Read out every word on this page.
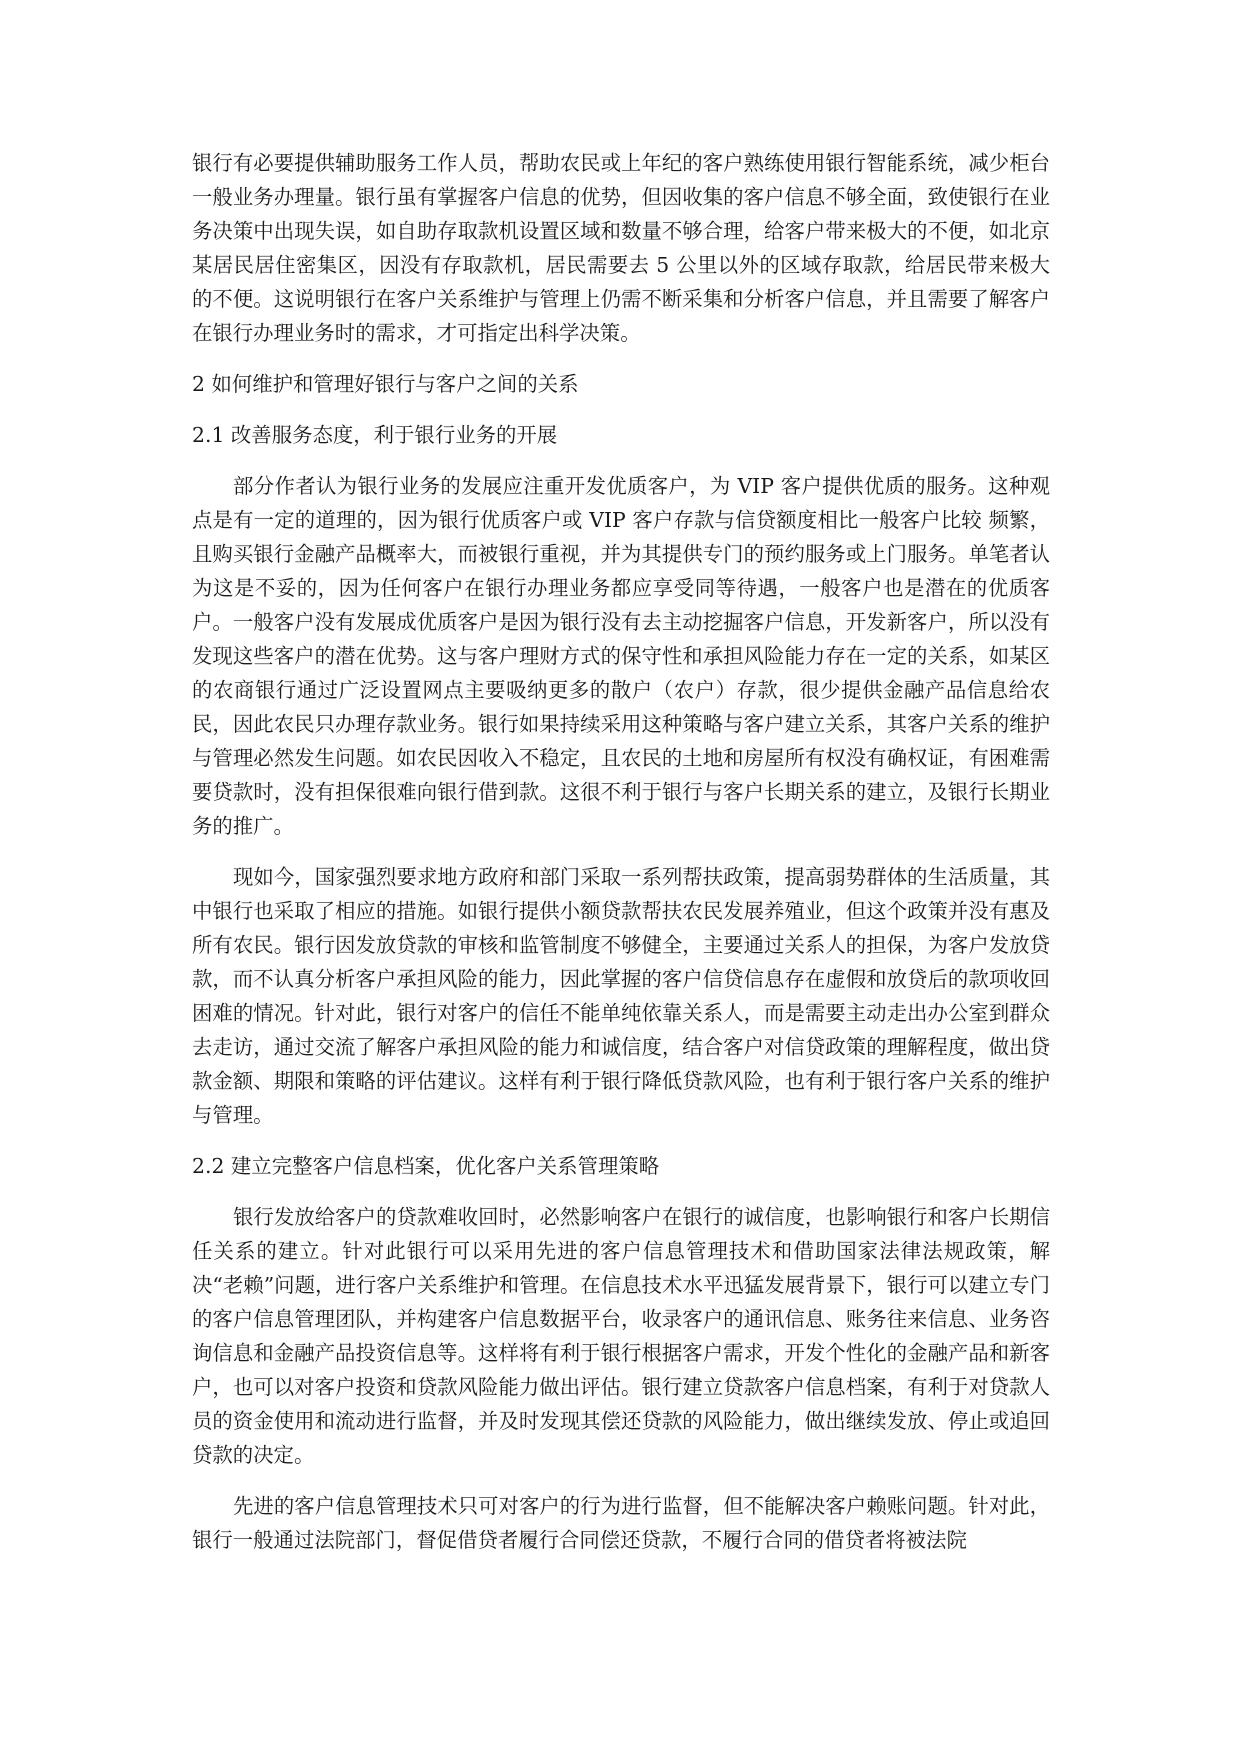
银行有必要提供辅助服务工作人员，帮助农民或上年纪的客户熟练使用银行智能系统，减少柜台一般业务办理量。银行虽有掌握客户信息的优势，但因收集的客户信息不够全面，致使银行在业务决策中出现失误，如自助存取款机设置区域和数量不够合理，给客户带来极大的不便，如北京某居民居住密集区，因没有存取款机，居民需要去 5 公里以外的区域存取款，给居民带来极大的不便。这说明银行在客户关系维护与管理上仍需不断采集和分析客户信息，并且需要了解客户在银行办理业务时的需求，才可指定出科学决策。

2 如何维护和管理好银行与客户之间的关系

2.1 改善服务态度，利于银行业务的开展

部分作者认为银行业务的发展应注重开发优质客户，为 VIP 客户提供优质的服务。这种观点是有一定的道理的，因为银行优质客户或 VIP 客户存款与信贷额度相比一般客户比较 频繁，且购买银行金融产品概率大，而被银行重视，并为其提供专门的预约服务或上门服务。单笔者认为这是不妥的，因为任何客户在银行办理业务都应享受同等待遇，一般客户也是潜在的优质客户。一般客户没有发展成优质客户是因为银行没有去主动挖掘客户信息，开发新客户，所以没有发现这些客户的潜在优势。这与客户理财方式的保守性和承担风险能力存在一定的关系，如某区的农商银行通过广泛设置网点主要吸纳更多的散户（农户）存款，很少提供金融产品信息给农民，因此农民只办理存款业务。银行如果持续采用这种策略与客户建立关系，其客户关系的维护与管理必然发生问题。如农民因收入不稳定，且农民的土地和房屋所有权没有确权证，有困难需要贷款时，没有担保很难向银行借到款。这很不利于银行与客户长期关系的建立，及银行长期业务的推广。

现如今，国家强烈要求地方政府和部门采取一系列帮扶政策，提高弱势群体的生活质量，其中银行也采取了相应的措施。如银行提供小额贷款帮扶农民发展养殖业，但这个政策并没有惠及所有农民。银行因发放贷款的审核和监管制度不够健全，主要通过关系人的担保，为客户发放贷款，而不认真分析客户承担风险的能力，因此掌握的客户信贷信息存在虚假和放贷后的款项收回困难的情况。针对此，银行对客户的信任不能单纯依靠关系人，而是需要主动走出办公室到群众去走访，通过交流了解客户承担风险的能力和诚信度，结合客户对信贷政策的理解程度，做出贷款金额、期限和策略的评估建议。这样有利于银行降低贷款风险，也有利于银行客户关系的维护与管理。

2.2 建立完整客户信息档案，优化客户关系管理策略

银行发放给客户的贷款难收回时，必然影响客户在银行的诚信度，也影响银行和客户长期信任关系的建立。针对此银行可以采用先进的客户信息管理技术和借助国家法律法规政策，解决“老赖”问题，进行客户关系维护和管理。在信息技术水平迅猛发展背景下，银行可以建立专门的客户信息管理团队，并构建客户信息数据平台，收录客户的通讯信息、账务往来信息、业务咨询信息和金融产品投资信息等。这样将有利于银行根据客户需求，开发个性化的金融产品和新客户，也可以对客户投资和贷款风险能力做出评估。银行建立贷款客户信息档案，有利于对贷款人员的资金使用和流动进行监督，并及时发现其偿还贷款的风险能力，做出继续发放、停止或追回贷款的决定。

先进的客户信息管理技术只可对客户的行为进行监督，但不能解决客户赖账问题。针对此，银行一般通过法院部门，督促借贷者履行合同偿还贷款，不履行合同的借贷者将被法院
